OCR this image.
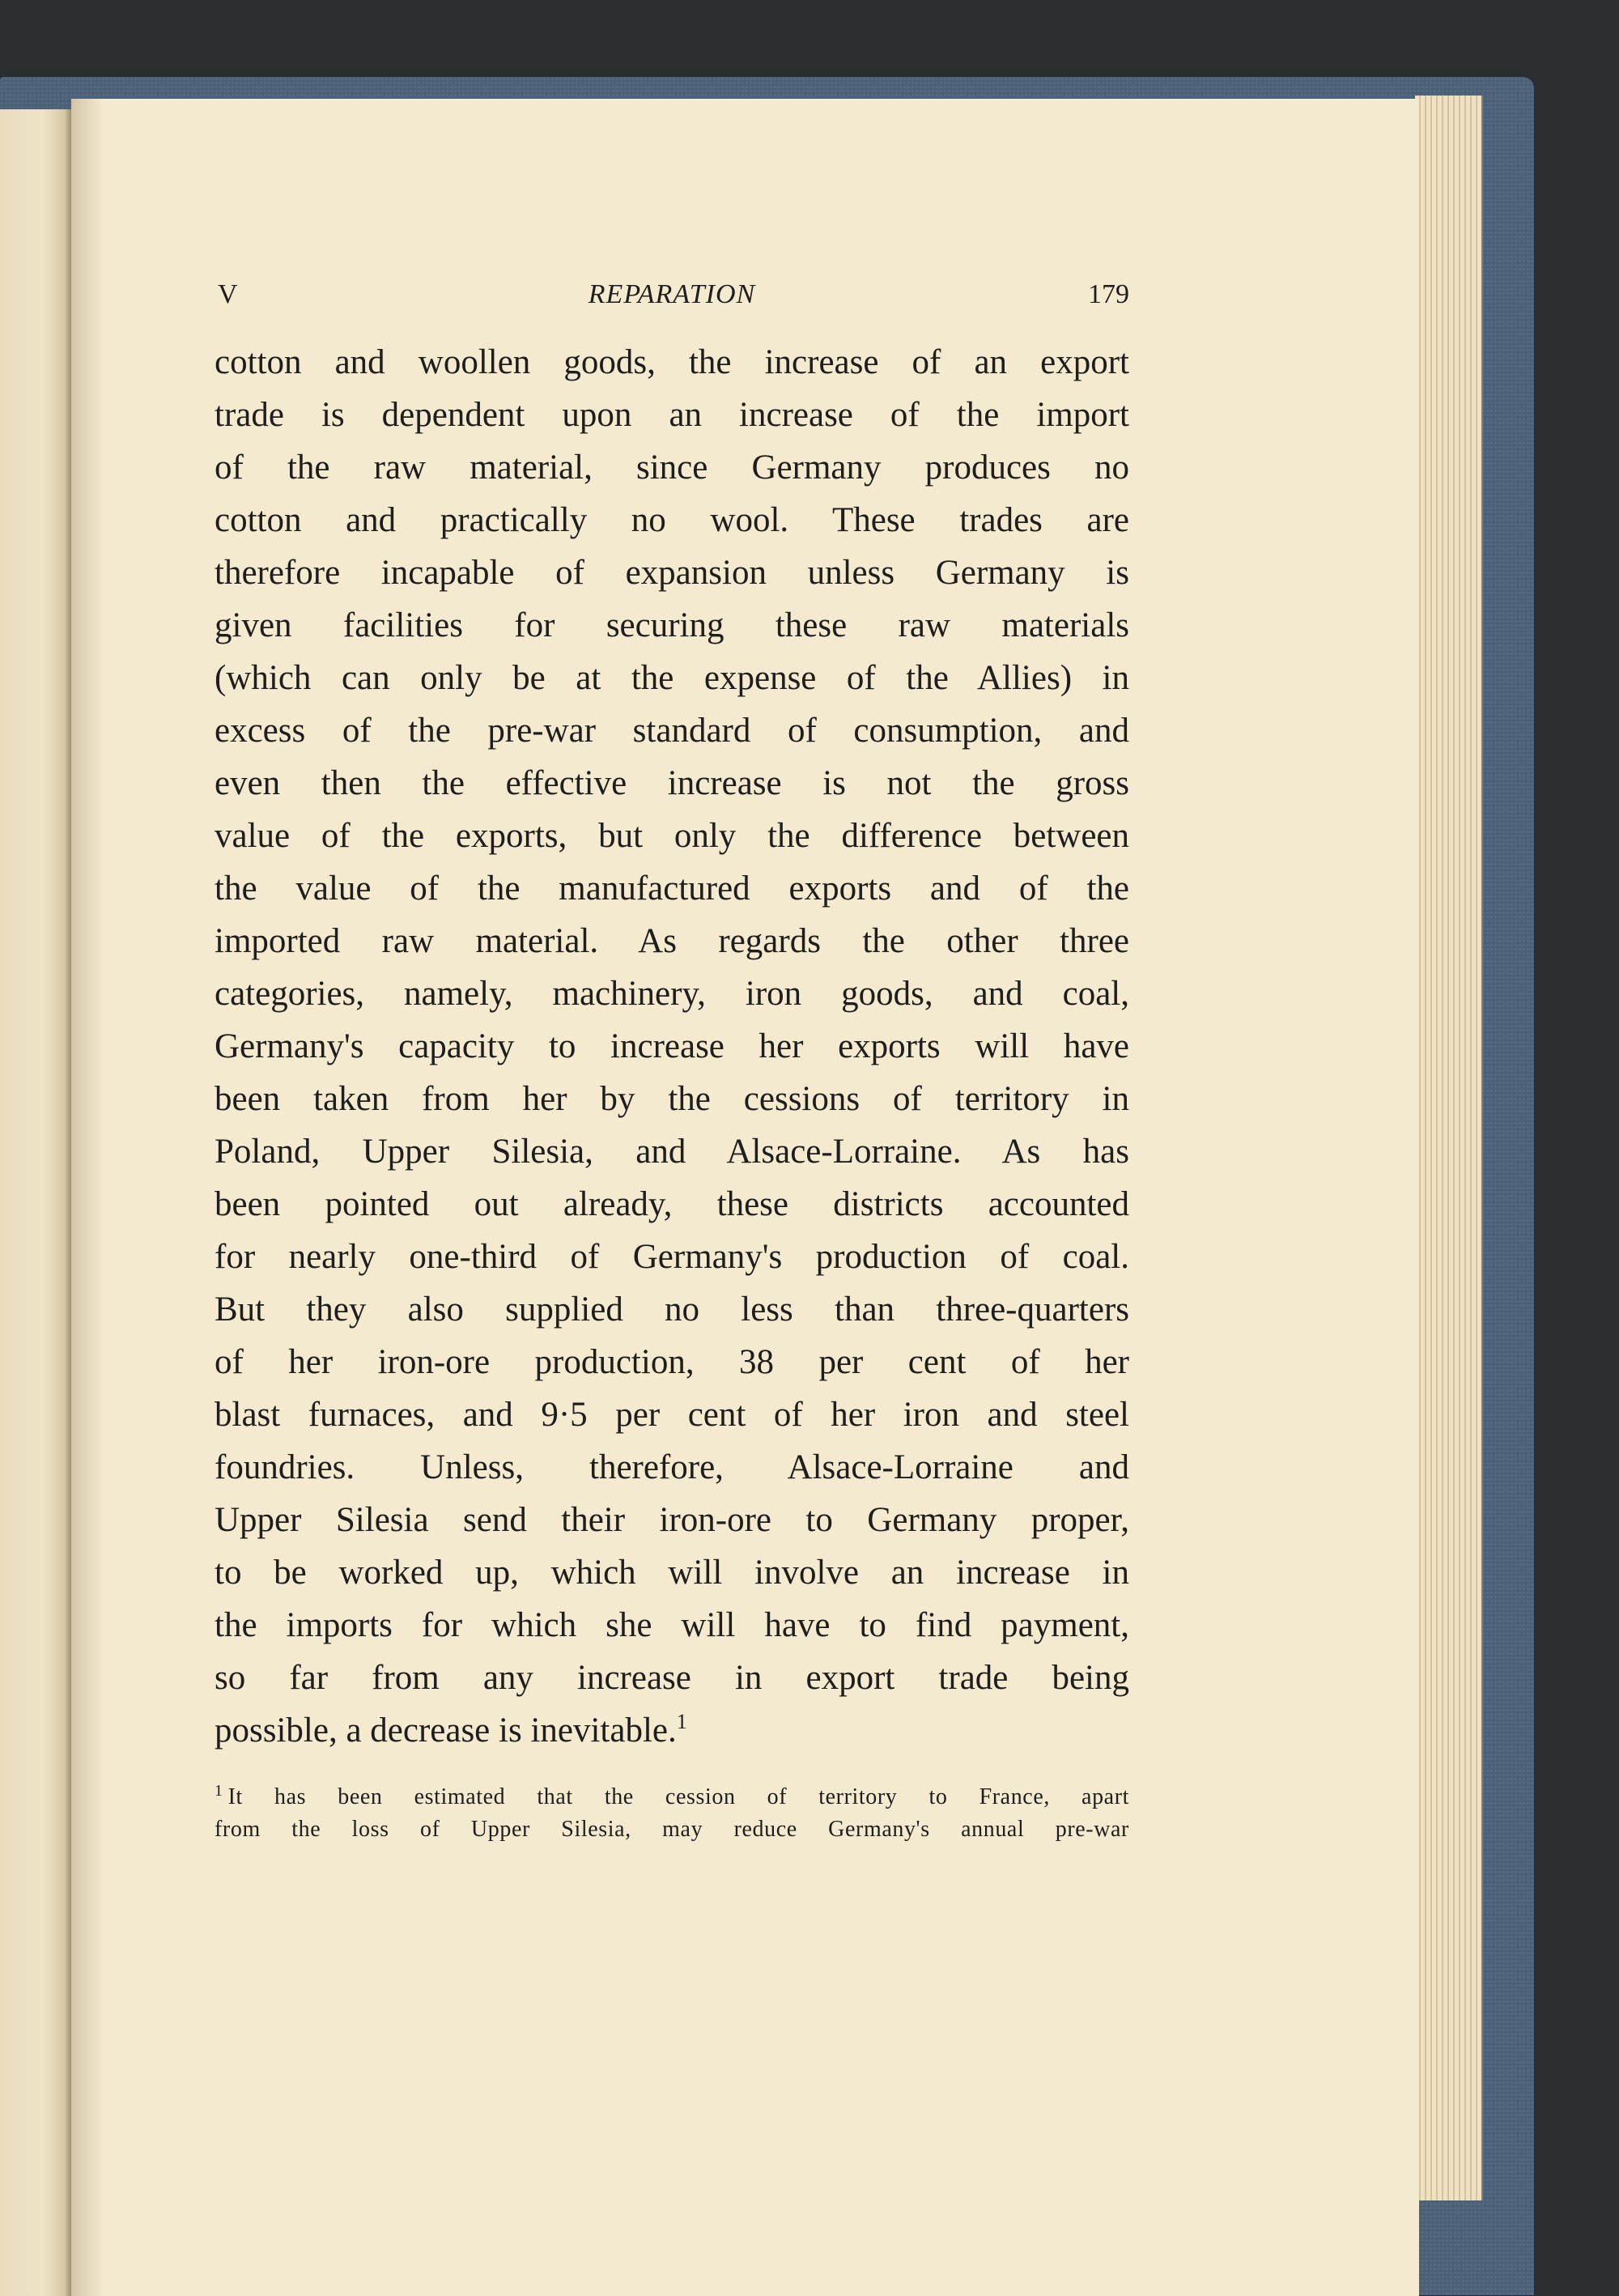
V	REPARATION	179
cotton and woollen goods, the increase of an export
trade is dependent upon an increase of the import
of the raw material, since Germany produces no
cotton and practically no wool. These trades are
therefore incapable of expansion unless Germany is
given facilities for securing these raw materials
(which can only be at the expense of the Allies) in
excess of the pre-war standard of consumption, and
even then the effective increase is not the gross
value of the exports, but only the difference between
the value of the manufactured exports and of the
imported raw material. As regards the other three
categories, namely, machinery, iron goods, and coal,
Germany's capacity to increase her exports will have
been taken from her by the cessions of territory in
Poland, Upper Silesia, and Alsace-Lorraine. As has
been pointed out already, these districts accounted
for nearly one-third of Germany's production of coal.
But they also supplied no less than three-quarters
of her iron-ore production, 38 per cent of her
blast furnaces, and 9·5 per cent of her iron and steel
foundries. Unless, therefore, Alsace-Lorraine and
Upper Silesia send their iron-ore to Germany proper,
to be worked up, which will involve an increase in
the imports for which she will have to find payment,
so far from any increase in export trade being
possible, a decrease is inevitable.$^1$
$^1$ It has been estimated that the cession of territory to France, apart
from the loss of Upper Silesia, may reduce Germany's annual pre-war
